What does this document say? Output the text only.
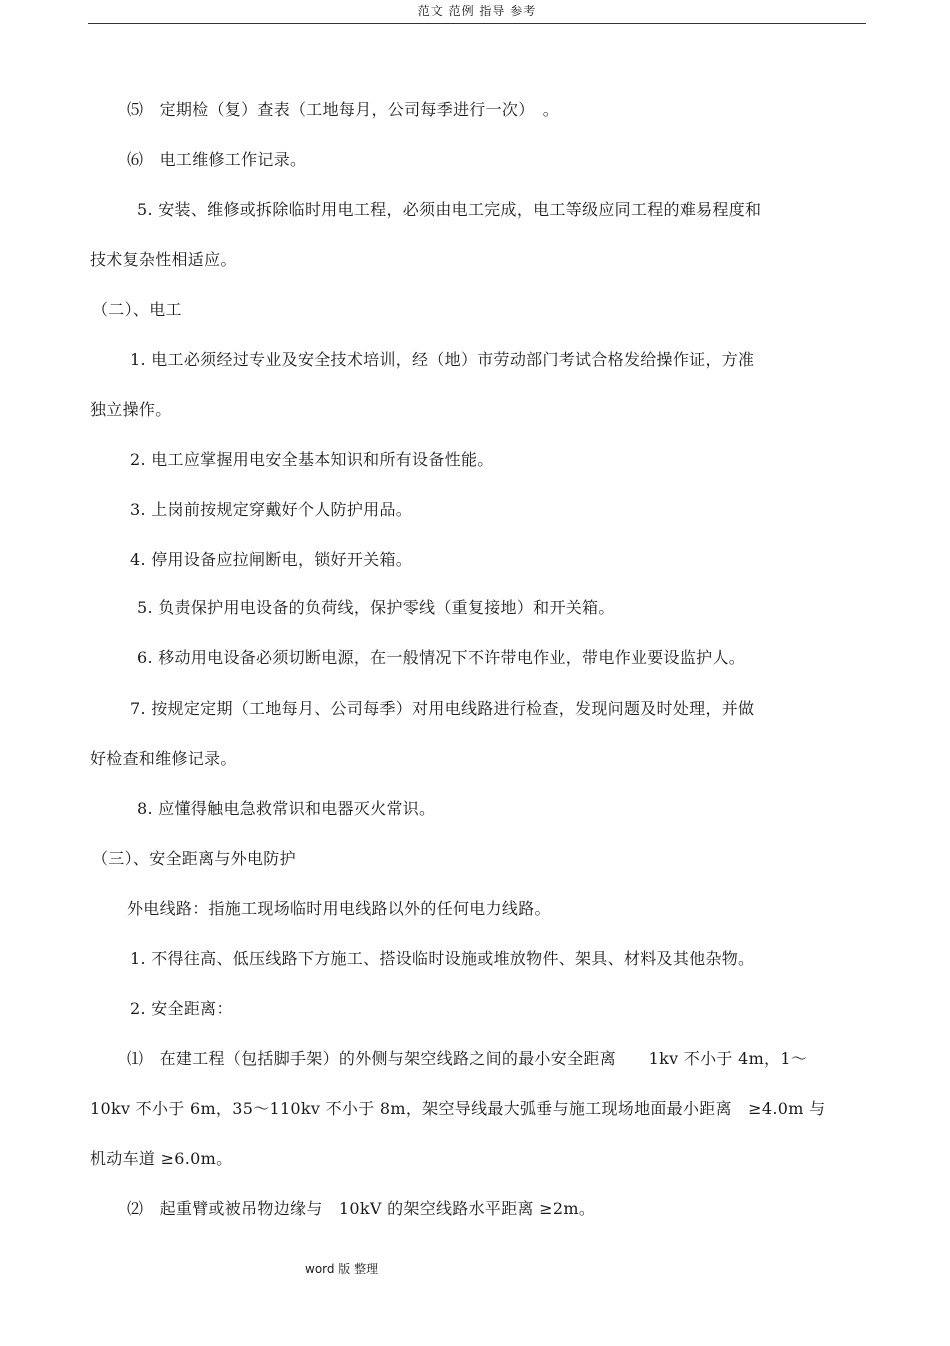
范文 范例 指导 参考
⑸　定期检（复）查表（工地每月，公司每季进行一次）　。
⑹　电工维修工作记录。
5. 安装、维修或拆除临时用电工程，必须由电工完成，电工等级应同工程的难易程度和
技术复杂性相适应。
（二）、电工
1. 电工必须经过专业及安全技术培训，经（地）市劳动部门考试合格发给操作证，方准
独立操作。
2. 电工应掌握用电安全基本知识和所有设备性能。
3. 上岗前按规定穿戴好个人防护用品。
4. 停用设备应拉闸断电，锁好开关箱。
5. 负责保护用电设备的负荷线，保护零线（重复接地）和开关箱。
6. 移动用电设备必须切断电源，在一般情况下不许带电作业，带电作业要设监护人。
7. 按规定定期（工地每月、公司每季）对用电线路进行检查，发现问题及时处理，并做
好检查和维修记录。
8. 应懂得触电急救常识和电器灭火常识。
（三）、安全距离与外电防护
外电线路：指施工现场临时用电线路以外的任何电力线路。
1. 不得往高、低压线路下方施工、搭设临时设施或堆放物件、架具、材料及其他杂物。
2. 安全距离：
⑴　在建工程（包括脚手架）的外侧与架空线路之间的最小安全距离　　1kv 不小于 4m，1～
10kv 不小于 6m，35～110kv 不小于 8m，架空导线最大弧垂与施工现场地面最小距离　≥4.0m 与
机动车道 ≥6.0m。
⑵　起重臂或被吊物边缘与　10kV 的架空线路水平距离 ≥2m。
word 版 整理
